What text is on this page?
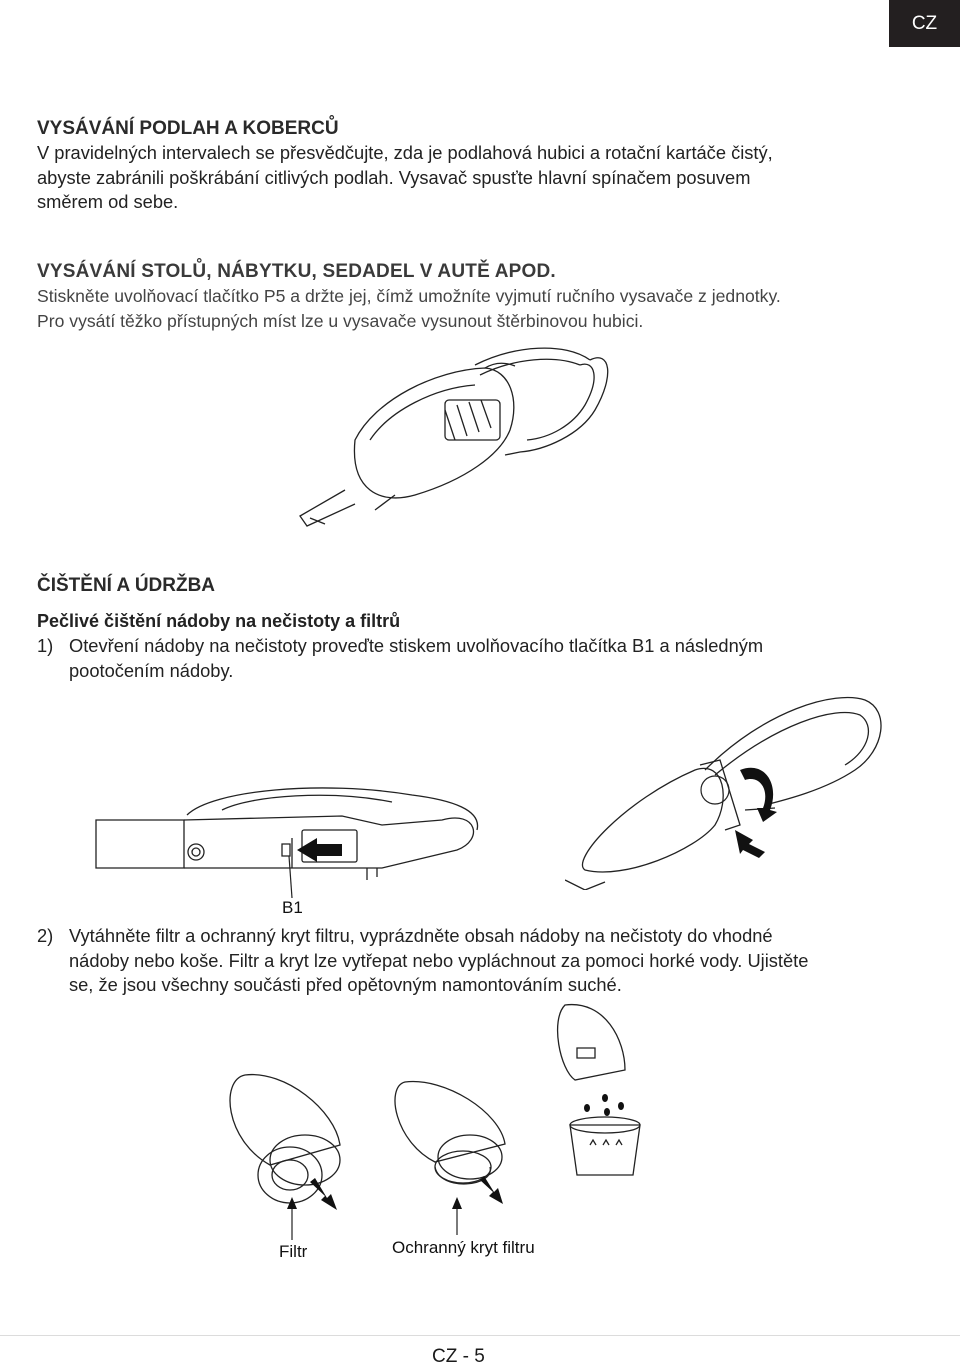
CZ

VYSÁVÁNÍ PODLAH A KOBERCŮ

V pravidelných intervalech se přesvědčujte, zda je podlahová hubici a rotační kartáče čistý,

abyste zabránili poškrábání citlivých podlah. Vysavač spusťte hlavní spínačem posuvem

směrem od sebe.

VYSÁVÁNÍ STOLŮ, NÁBYTKU, SEDADEL V AUTĚ APOD.

Stiskněte uvolňovací tlačítko P5 a držte jej, čímž umožníte vyjmutí ručního vysavače z jednotky.

Pro vysátí těžko přístupných míst lze u vysavače vysunout štěrbinovou hubici.

ČIŠTĚNÍ A ÚDRŽBA

Pečlivé čištění nádoby na nečistoty a filtrů

1) Otevření nádoby na nečistoty proveďte stiskem uvolňovacího tlačítka B1 a následným
pootočením nádoby.
B1
2) Vytáhněte filtr a ochranný kryt filtru, vyprázdněte obsah nádoby na nečistoty do vhodné
nádoby nebo koše. Filtr a kryt lze vytřepat nebo vypláchnout za pomoci horké vody. Ujistěte
se, že jsou všechny součásti před opětovným namontováním suché.
Filtr	Ochranný kryt filtru
CZ - 5
